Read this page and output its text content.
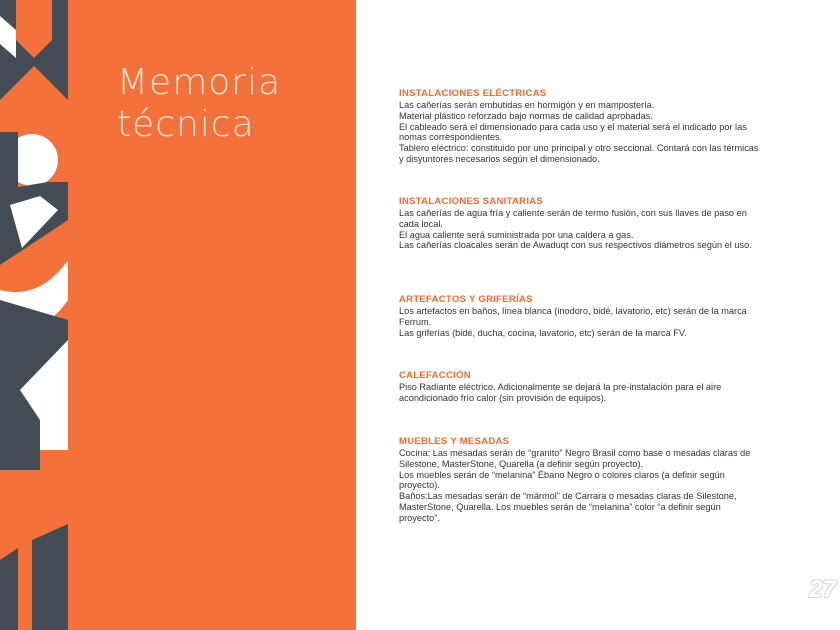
Memoria
técnica
INSTALACIONES ELÉCTRICAS

Las cañerías serán embutidas en hormigón y en mampostería.

Material plástico reforzado bajo normas de calidad aprobadas.

El cableado será el dimensionado para cada uso y el material será el indicado por las nomas correspondientes.

Tablero eléctrico: constituido por uno principal y otro seccional. Contará con las térmicas y disyuntores necesarios según el dimensionado.

INSTALACIONES SANITARIAS

Las cañerías de agua fría y caliente serán de termo fusión, con sus llaves de paso en cada local.

El agua caliente será suministrada por una caldera a gas.

Las cañerías cloacales serán de Awaduqt con sus respectivos diámetros según el uso.

ARTEFACTOS Y GRIFERÍAS

Los artefactos en baños, línea blanca (inodoro, bidé, lavatorio, etc) serán de la marca Ferrum.

Las griferías (bidé, ducha, cocina, lavatorio, etc) serán de la marca FV.

CALEFACCIÓN

Piso Radiante eléctrico. Adicionalmente se dejará la pre-instalación para el aire acondicionado frío calor (sin provisión de equipos).

MUEBLES Y MESADAS

Cocina: Las mesadas serán de “granito” Negro Brasil como base o mesadas claras de Silestone, MasterStone, Quarella (a definir según proyecto).

Los muebles serán de “melanina” Ébano Negro o colores claros (a definir según proyecto).

Baños:Las mesadas serán de “mármol” de Carrara o mesadas claras de Silestone, MasterStone, Quarella. Los muebles serán de “melanina” color “a definir según proyecto”.

27
